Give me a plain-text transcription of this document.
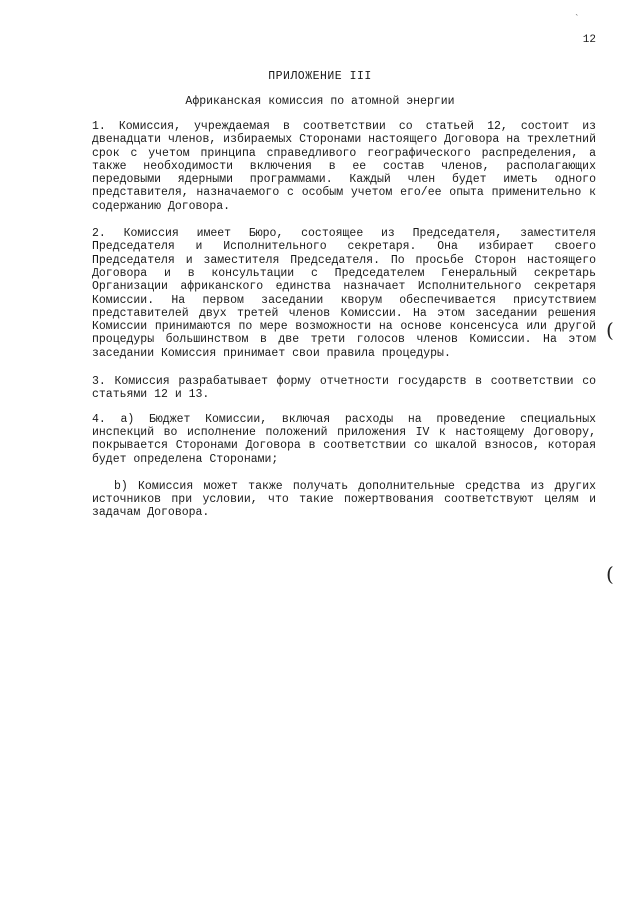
`
12
ПРИЛОЖЕНИЕ III
Африканская комиссия по атомной энергии

1. Комиссия, учреждаемая в соответствии со статьей 12, состоит из двенадцати членов, избираемых Сторонами настоящего Договора на трехлетний срок с учетом принципа справедливого географического распределения, а также необходимости включения в ее состав членов, располагающих передовыми ядерными программами. Каждый член будет иметь одного представителя, назначаемого с особым учетом его/ее опыта применительно к содержанию Договора.

2. Комиссия имеет Бюро, состоящее из Председателя, заместителя Председателя и Исполнительного секретаря. Она избирает своего Председателя и заместителя Председателя. По просьбе Сторон настоящего Договора и в консультации с Председателем Генеральный секретарь Организации африканского единства назначает Исполнительного секретаря Комиссии. На первом заседании кворум обеспечивается присутствием представителей двух третей членов Комиссии. На этом заседании решения Комиссии принимаются по мере возможности на основе консенсуса или другой процедуры большинством в две трети голосов членов Комиссии. На этом заседании Комиссия принимает свои правила процедуры.

3. Комиссия разрабатывает форму отчетности государств в соответствии со статьями 12 и 13.

4. а) Бюджет Комиссии, включая расходы на проведение специальных инспекций во исполнение положений приложения IV к настоящему Договору, покрывается Сторонами Договора в соответствии со шкалой взносов, которая будет определена Сторонами;

b) Комиссия может также получать дополнительные средства из других источников при условии, что такие пожертвования соответствуют целям и задачам Договора.

(
(
